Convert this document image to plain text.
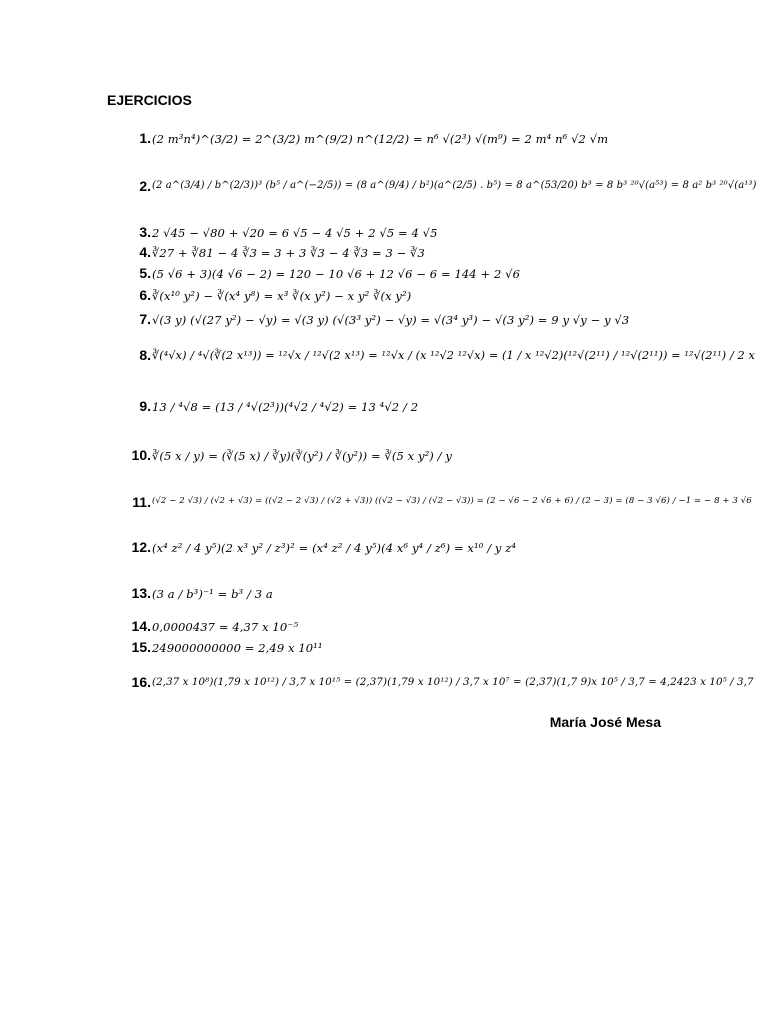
EJERCICIOS
1. (2 m³n⁴)^(3/2) = 2^(3/2) m^(9/2) n^(12/2) = n⁶ √(2³) √(m⁹) = 2 m⁴ n⁶ √2 √m
2. (2 a^(3/4) / b^(2/3))³ (b⁵ / a^(−2/5)) = (8 a^(9/4) / b²)(a^(2/5) . b⁵) = 8 a^(53/20) b³ = 8 b³ ²⁰√(a⁵³) = 8 a² b³ ²⁰√(a¹³)
3. 2 √45 − √80 + √20 = 6 √5 − 4 √5 + 2 √5 = 4 √5
4. ∛27 + ∛81 − 4 ∛3 = 3 + 3 ∛3 − 4 ∛3 = 3 − ∛3
5. (5 √6 + 3)(4 √6 − 2) = 120 − 10 √6 + 12 √6 − 6 = 144 + 2 √6
6. ∛(x¹⁰ y²) − ∛(x⁴ y⁸) = x³ ∛(x y²) − x y² ∛(x y²)
7. √(3 y) (√(27 y²) − √y) = √(3 y) (√(3³ y²) − √y) = √(3⁴ y³) − √(3 y²) = 9 y √y − y √3
8. ∛(⁴√x) / ⁴√(∛(2 x¹³)) = ¹²√x / ¹²√(2 x¹³) = ¹²√x / (x ¹²√2 ¹²√x) = (1 / x ¹²√2)(¹²√(2¹¹) / ¹²√(2¹¹)) = ¹²√(2¹¹) / 2 x
9. 13 / ⁴√8 = (13 / ⁴√(2³))(⁴√2 / ⁴√2) = 13 ⁴√2 / 2
10. ∛(5 x / y) = (∛(5 x) / ∛y)(∛(y²) / ∛(y²)) = ∛(5 x y²) / y
11. (√2 − 2 √3) / (√2 + √3) = ((√2 − 2 √3) / (√2 + √3)) ((√2 − √3) / (√2 − √3)) = (2 − √6 − 2 √6 + 6) / (2 − 3) = (8 − 3 √6) / −1 = − 8 + 3 √6
12. (x⁴ z² / 4 y⁵)(2 x³ y² / z³)² = (x⁴ z² / 4 y⁵)(4 x⁶ y⁴ / z⁶) = x¹⁰ / y z⁴
13. (3 a / b³)⁻¹ = b³ / 3 a
14. 0,0000437 = 4,37 x 10⁻⁵
15. 249000000000 = 2,49 x 10¹¹
16. (2,37 x 10⁸)(1,79 x 10¹²) / 3,7 x 10¹⁵ = (2,37)(1,79 x 10¹²) / 3,7 x 10⁷ = (2,37)(1,7 9)x 10⁵ / 3,7 = 4,2423 x 10⁵ / 3,7
María José Mesa
